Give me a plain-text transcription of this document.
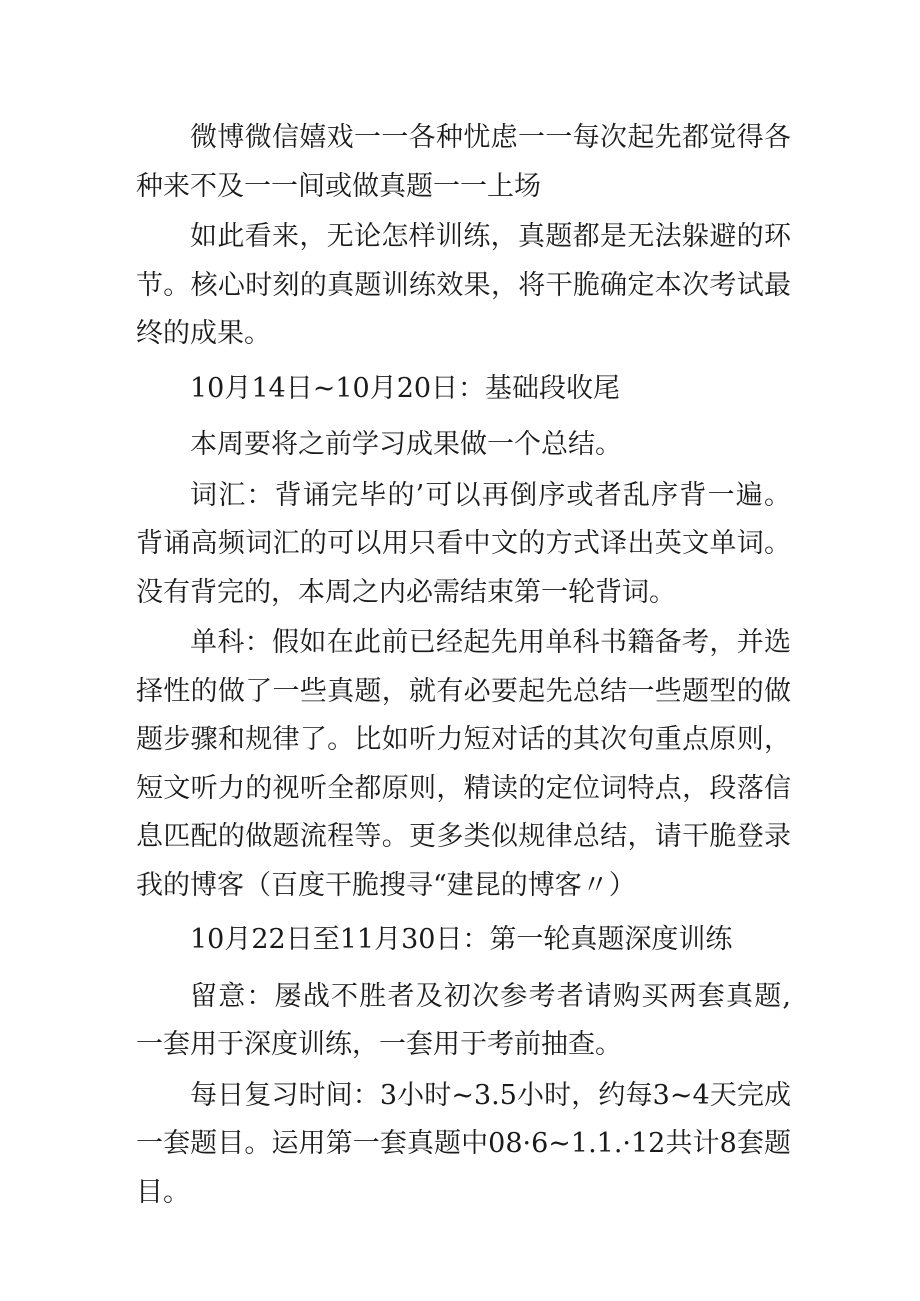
微博微信嬉戏一一各种忧虑一一每次起先都觉得各种来不及一一间或做真题一一上场

如此看来，无论怎样训练，真题都是无法躲避的环节。核心时刻的真题训练效果，将干脆确定本次考试最终的成果。

10月14日~10月20日：基础段收尾

本周要将之前学习成果做一个总结。

词汇：背诵完毕的’可以再倒序或者乱序背一遍。背诵高频词汇的可以用只看中文的方式译出英文单词。没有背完的，本周之内必需结束第一轮背词。

单科：假如在此前已经起先用单科书籍备考，并选择性的做了一些真题，就有必要起先总结一些题型的做题步骤和规律了。比如听力短对话的其次句重点原则，短文听力的视听全都原则，精读的定位词特点，段落信息匹配的做题流程等。更多类似规律总结，请干脆登录我的博客（百度干脆搜寻“建昆的博客〃）

10月22日至11月30日：第一轮真题深度训练

留意：屡战不胜者及初次参考者请购买两套真题,一套用于深度训练，一套用于考前抽查。

每日复习时间：3小时~3.5小时，约每3~4天完成一套题目。运用第一套真题中08·6~1.1.·12共计8套题目。
